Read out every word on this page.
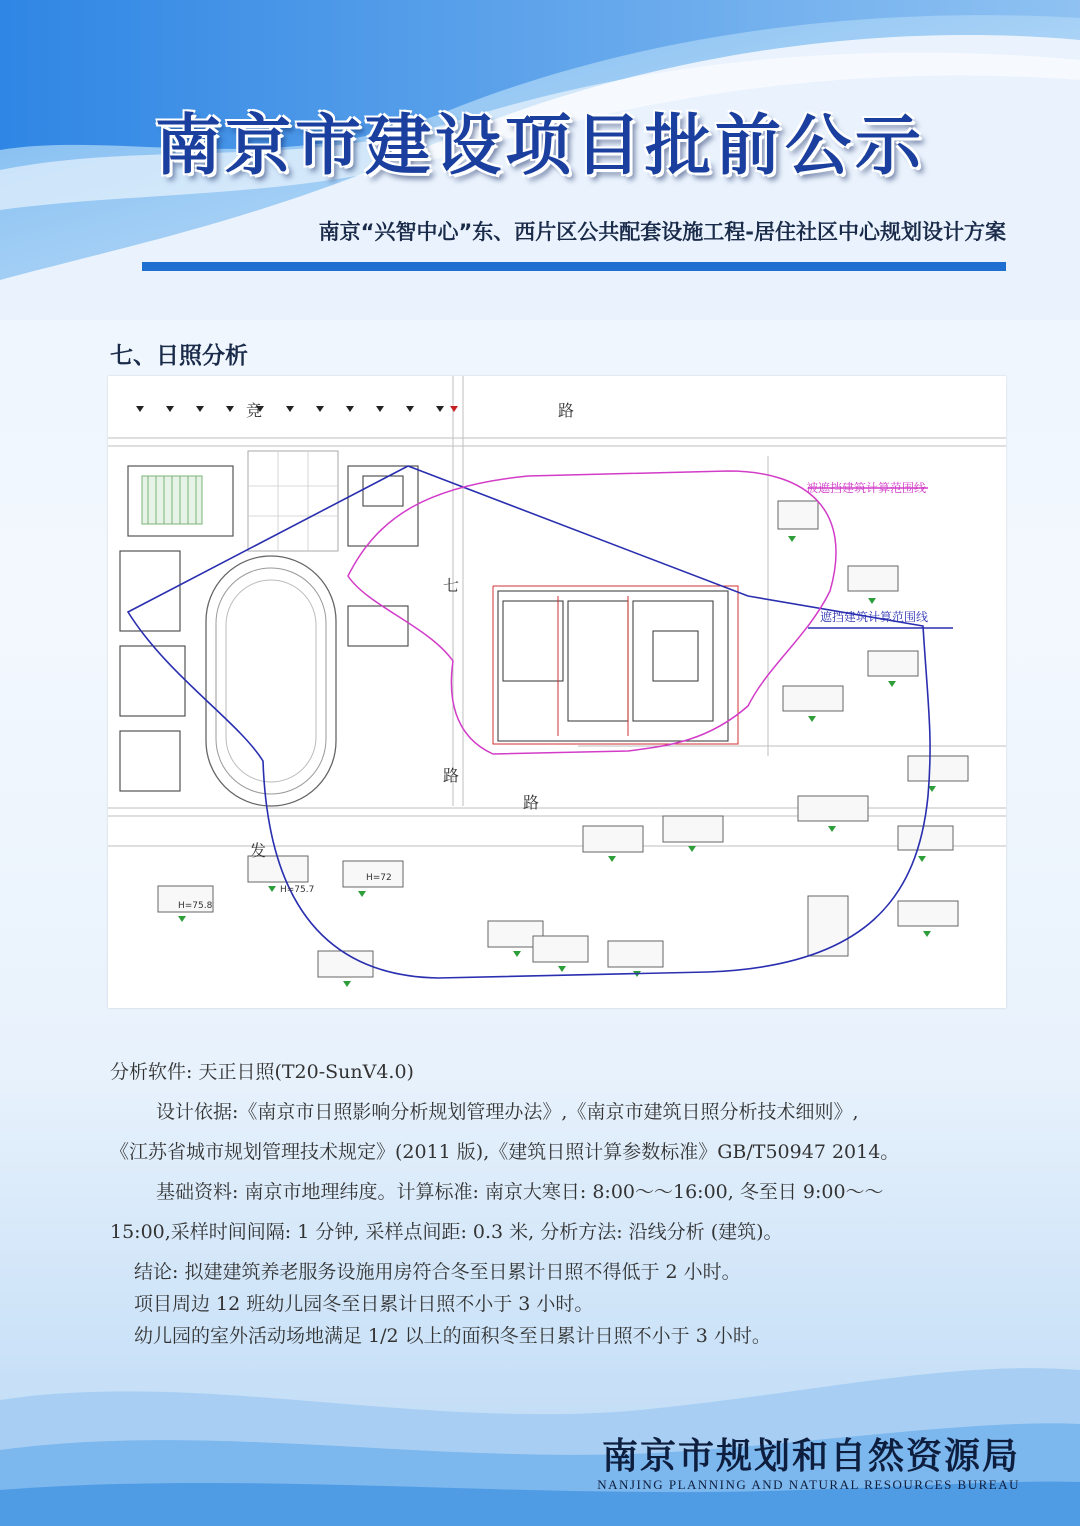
南京市建设项目批前公示
南京“兴智中心”东、西片区公共配套设施工程-居住社区中心规划设计方案
七、日照分析
竞	路
路
路
七
发
被遮挡建筑计算范围线
遮挡建筑计算范围线
H=75.8
H=75.7
H=72

分析软件: 天正日照(T20-SunV4.0)

设计依据:《南京市日照影响分析规划管理办法》,《南京市建筑日照分析技术细则》,

《江苏省城市规划管理技术规定》(2011 版),《建筑日照计算参数标准》GB/T50947 2014。

基础资料: 南京市地理纬度。计算标准: 南京大寒日: 8:00～～16:00, 冬至日 9:00～～

15:00,采样时间间隔: 1 分钟, 采样点间距: 0.3 米, 分析方法: 沿线分析 (建筑)。

结论: 拟建建筑养老服务设施用房符合冬至日累计日照不得低于 2 小时。

项目周边 12 班幼儿园冬至日累计日照不小于 3 小时。

幼儿园的室外活动场地满足 1/2 以上的面积冬至日累计日照不小于 3 小时。

南京市规划和自然资源局
NANJING PLANNING AND NATURAL RESOURCES BUREAU
